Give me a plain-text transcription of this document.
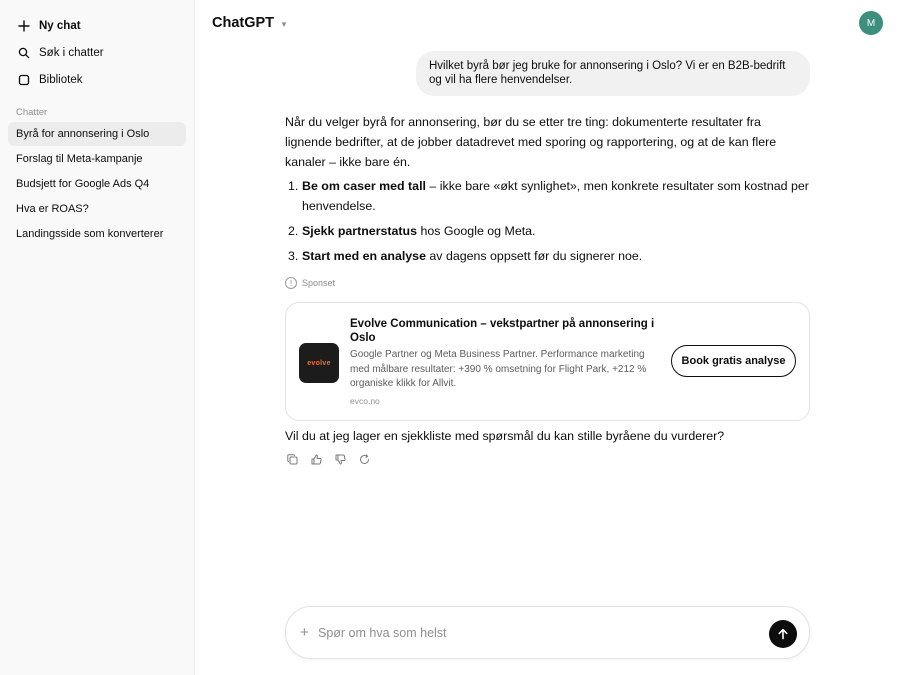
Ny chat
Søk i chatter
Bibliotek
Chatter
Byrå for annonsering i Oslo
Forslag til Meta-kampanje
Budsjett for Google Ads Q4
Hva er ROAS?
Landingsside som konverterer
ChatGPT ▼	M
Hvilket byrå bør jeg bruke for annonsering i Oslo? Vi er en B2B-bedrift og vil ha flere henvendelser.

Når du velger byrå for annonsering, bør du se etter tre ting: dokumenterte resultater fra lignende bedrifter, at de jobber datadrevet med sporing og rapportering, og at de kan flere kanaler – ikke bare én.

1. Be om caser med tall – ikke bare «økt synlighet», men konkrete resultater som kostnad per henvendelse.
2. Sjekk partnerstatus hos Google og Meta.
3. Start med en analyse av dagens oppsett før du signerer noe.
!	Sponset
evolve
Evolve Communication – vekstpartner på annonsering i Oslo
Google Partner og Meta Business Partner. Performance marketing med målbare resultater: +390 % omsetning for Flight Park, +212 % organiske klikk for Allvit.
evco.no
Book gratis analyse
Vil du at jeg lager en sjekkliste med spørsmål du kan stille byråene du vurderer?
+ Spør om hva som helst
